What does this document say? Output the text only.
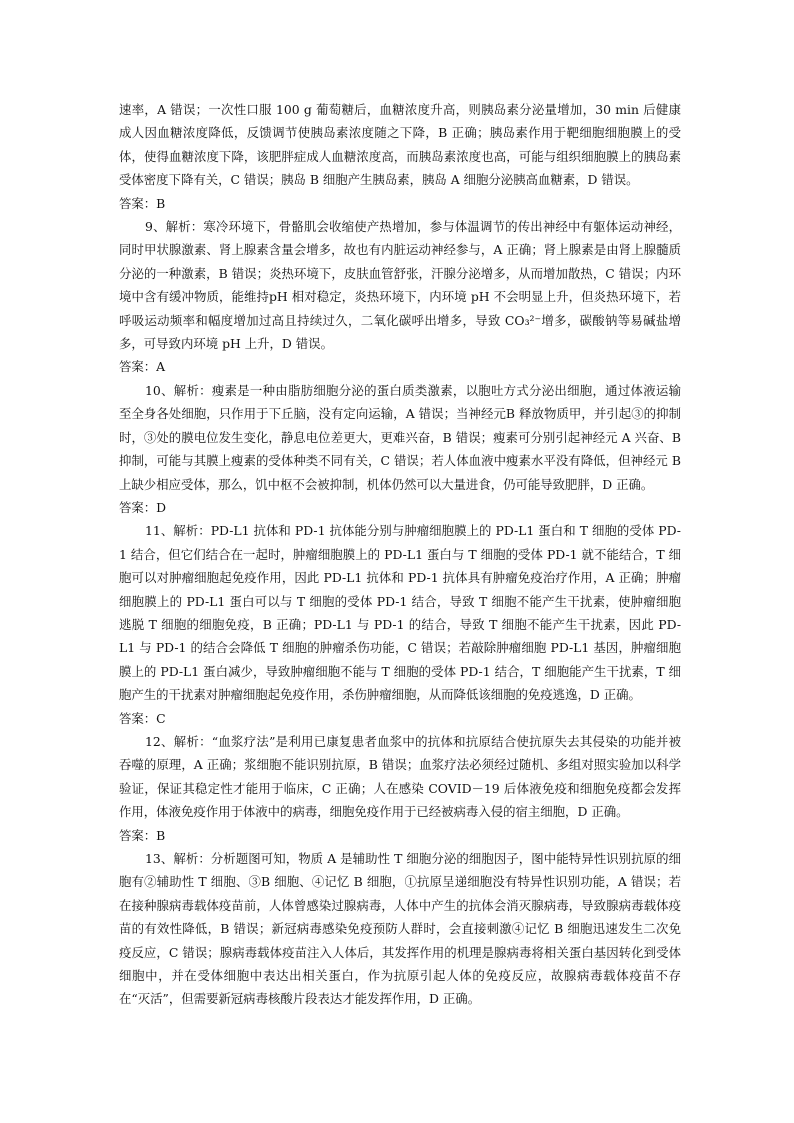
速率，A 错误；一次性口服 100 g 葡萄糖后，血糖浓度升高，则胰岛素分泌量增加，30 min 后健康成人因血糖浓度降低，反馈调节使胰岛素浓度随之下降，B 正确；胰岛素作用于靶细胞细胞膜上的受体，使得血糖浓度下降，该肥胖症成人血糖浓度高，而胰岛素浓度也高，可能与组织细胞膜上的胰岛素受体密度下降有关，C 错误；胰岛 B 细胞产生胰岛素，胰岛 A 细胞分泌胰高血糖素，D 错误。

答案：B

9、解析：寒冷环境下，骨骼肌会收缩使产热增加，参与体温调节的传出神经中有躯体运动神经，同时甲状腺激素、肾上腺素含量会增多，故也有内脏运动神经参与，A 正确；肾上腺素是由肾上腺髓质分泌的一种激素，B 错误；炎热环境下，皮肤血管舒张，汗腺分泌增多，从而增加散热，C 错误；内环境中含有缓冲物质，能维持pH 相对稳定，炎热环境下，内环境 pH 不会明显上升，但炎热环境下，若呼吸运动频率和幅度增加过高且持续过久，二氧化碳呼出增多，导致 CO₃²⁻增多，碳酸钠等易碱盐增多，可导致内环境 pH 上升，D 错误。

答案：A

10、解析：瘦素是一种由脂肪细胞分泌的蛋白质类激素，以胞吐方式分泌出细胞，通过体液运输至全身各处细胞，只作用于下丘脑，没有定向运输，A 错误；当神经元B 释放物质甲，并引起③的抑制时，③处的膜电位发生变化，静息电位差更大，更难兴奋，B 错误；瘦素可分别引起神经元 A 兴奋、B 抑制，可能与其膜上瘦素的受体种类不同有关，C 错误；若人体血液中瘦素水平没有降低，但神经元 B 上缺少相应受体，那么，饥中枢不会被抑制，机体仍然可以大量进食，仍可能导致肥胖，D 正确。

答案：D

11、解析：PD-L1 抗体和 PD-1 抗体能分别与肿瘤细胞膜上的 PD-L1 蛋白和 T 细胞的受体 PD-1 结合，但它们结合在一起时，肿瘤细胞膜上的 PD-L1 蛋白与 T 细胞的受体 PD-1 就不能结合，T 细胞可以对肿瘤细胞起免疫作用，因此 PD-L1 抗体和 PD-1 抗体具有肿瘤免疫治疗作用，A 正确；肿瘤细胞膜上的 PD-L1 蛋白可以与 T 细胞的受体 PD-1 结合，导致 T 细胞不能产生干扰素，使肿瘤细胞逃脱 T 细胞的细胞免疫，B 正确；PD-L1 与 PD-1 的结合，导致 T 细胞不能产生干扰素，因此 PD-L1 与 PD-1 的结合会降低 T 细胞的肿瘤杀伤功能，C 错误；若敲除肿瘤细胞 PD-L1 基因，肿瘤细胞膜上的 PD-L1 蛋白减少，导致肿瘤细胞不能与 T 细胞的受体 PD-1 结合，T 细胞能产生干扰素，T 细胞产生的干扰素对肿瘤细胞起免疫作用，杀伤肿瘤细胞，从而降低该细胞的免疫逃逸，D 正确。

答案：C

12、解析：“血浆疗法”是利用已康复患者血浆中的抗体和抗原结合使抗原失去其侵染的功能并被吞噬的原理，A 正确；浆细胞不能识别抗原，B 错误；血浆疗法必须经过随机、多组对照实验加以科学验证，保证其稳定性才能用于临床，C 正确；人在感染 COVID－19 后体液免疫和细胞免疫都会发挥作用，体液免疫作用于体液中的病毒，细胞免疫作用于已经被病毒入侵的宿主细胞，D 正确。

答案：B

13、解析：分析题图可知，物质 A 是辅助性 T 细胞分泌的细胞因子，图中能特异性识别抗原的细胞有②辅助性 T 细胞、③B 细胞、④记忆 B 细胞，①抗原呈递细胞没有特异性识别功能，A 错误；若在接种腺病毒载体疫苗前，人体曾感染过腺病毒，人体中产生的抗体会消灭腺病毒，导致腺病毒载体疫苗的有效性降低，B 错误；新冠病毒感染免疫预防人群时，会直接刺激④记忆 B 细胞迅速发生二次免疫反应，C 错误；腺病毒载体疫苗注入人体后，其发挥作用的机理是腺病毒将相关蛋白基因转化到受体细胞中，并在受体细胞中表达出相关蛋白，作为抗原引起人体的免疫反应，故腺病毒载体疫苗不存在“灭活”，但需要新冠病毒核酸片段表达才能发挥作用，D 正确。
